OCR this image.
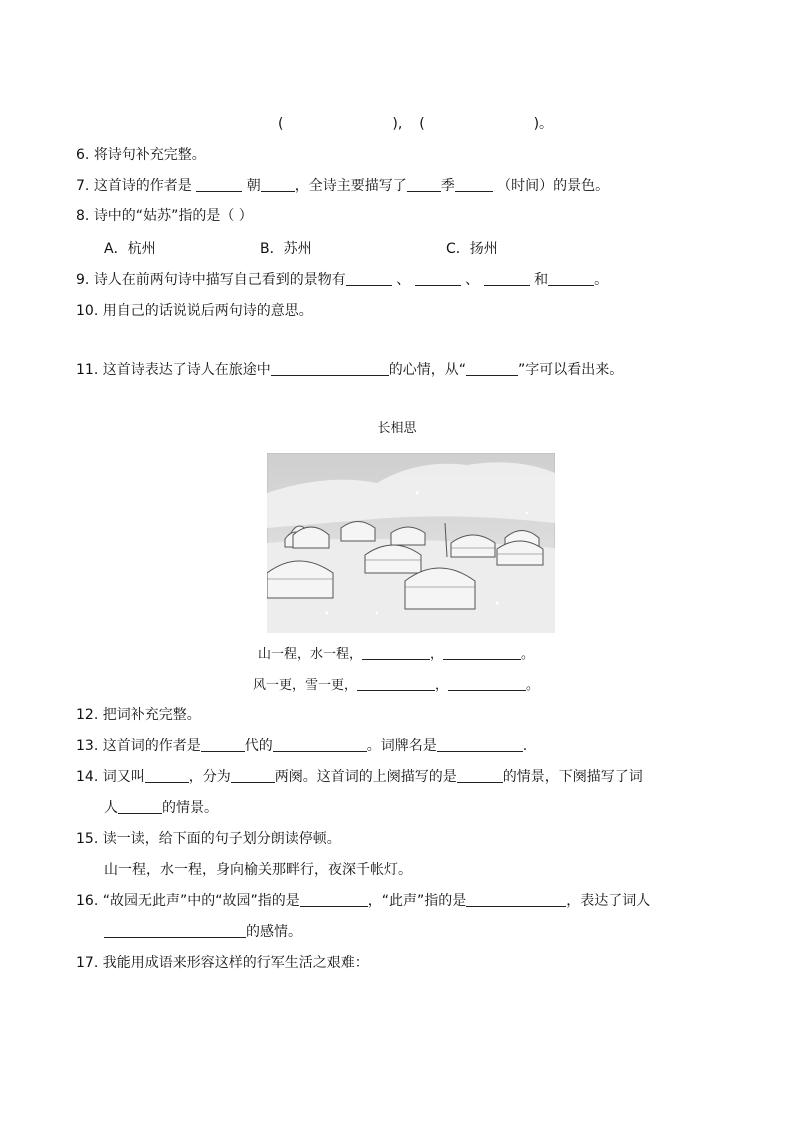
(	), (	)。
6. 将诗句补充完整。
7. 这首诗的作者是	朝 ，全诗主要描写了 季	（时间）的景色。
8. 诗中的“姑苏”指的是（ ）
A．杭州	B．苏州	C．扬州
9. 诗人在前两句诗中描写自己看到的景物有	、	、	和	。
10. 用自己的话说说后两句诗的意思。
11. 这首诗表达了诗人在旅途中	的心情，从“	”字可以看出来。
长相思
山一程，水一程，	，	。
风一更，雪一更，	，	。
12. 把词补充完整。
13. 这首词的作者是	代的	。词牌名是	.
14. 词又叫	，分为	两阕。这首词的上阕描写的是	的情景，下阕描写了词
人	的情景。
15. 读一读，给下面的句子划分朗读停顿。
山一程，水一程，身向榆关那畔行，夜深千帐灯。
16. “故园无此声”中的“故园”指的是	，“此声”指的是	，表达了词人
的感情。
17. 我能用成语来形容这样的行军生活之艰难：
